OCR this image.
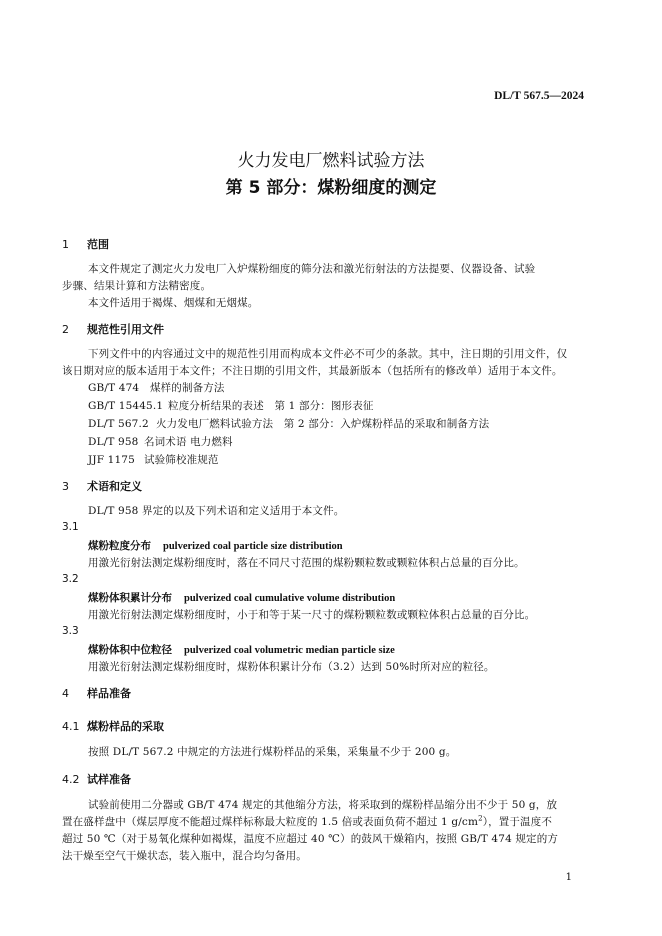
DL/T 567.5—2024
火力发电厂燃料试验方法
第 5 部分：煤粉细度的测定
1 范围
本文件规定了测定火力发电厂入炉煤粉细度的筛分法和激光衍射法的方法提要、仪器设备、试验
步骤、结果计算和方法精密度。
本文件适用于褐煤、烟煤和无烟煤。
2 规范性引用文件
下列文件中的内容通过文中的规范性引用而构成本文件必不可少的条款。其中，注日期的引用文件，仅
该日期对应的版本适用于本文件；不注日期的引用文件，其最新版本（包括所有的修改单）适用于本文件。
GB/T 474 煤样的制备方法
GB/T 15445.1 粒度分析结果的表述　第 1 部分：图形表征
DL/T 567.2 火力发电厂燃料试验方法　第 2 部分：入炉煤粉样品的采取和制备方法
DL/T 958 名词术语 电力燃料
JJF 1175 试验筛校准规范
3 术语和定义
DL/T 958 界定的以及下列术语和定义适用于本文件。
3.1
煤粉粒度分布 pulverized coal particle size distribution
用激光衍射法测定煤粉细度时，落在不同尺寸范围的煤粉颗粒数或颗粒体积占总量的百分比。
3.2
煤粉体积累计分布 pulverized coal cumulative volume distribution
用激光衍射法测定煤粉细度时，小于和等于某一尺寸的煤粉颗粒数或颗粒体积占总量的百分比。
3.3
煤粉体积中位粒径 pulverized coal volumetric median particle size
用激光衍射法测定煤粉细度时，煤粉体积累计分布（3.2）达到 50%时所对应的粒径。
4 样品准备
4.1 煤粉样品的采取
按照 DL/T 567.2 中规定的方法进行煤粉样品的采集，采集量不少于 200 g。
4.2 试样准备
试验前使用二分器或 GB/T 474 规定的其他缩分方法，将采取到的煤粉样品缩分出不少于 50 g，放
置在盛样盘中（煤层厚度不能超过煤样标称最大粒度的 1.5 倍或表面负荷不超过 1 $g/cm^2$），置于温度不
超过 50 ℃（对于易氧化煤种如褐煤，温度不应超过 40 ℃）的鼓风干燥箱内，按照 GB/T 474 规定的方
法干燥至空气干燥状态，装入瓶中，混合均匀备用。
1
